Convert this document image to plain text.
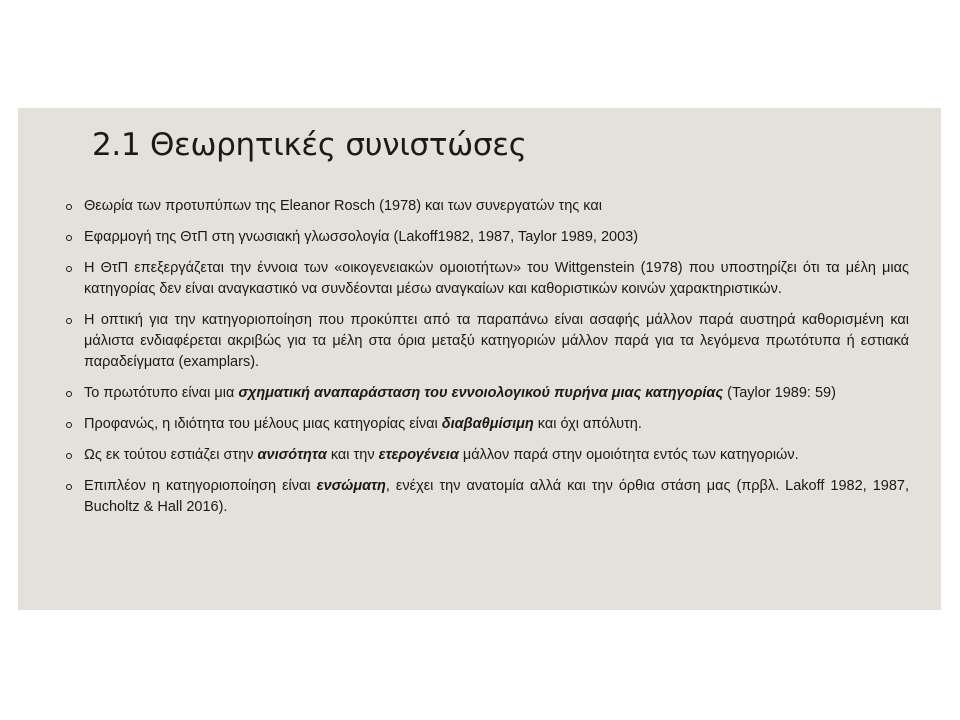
2.1 Θεωρητικές συνιστώσες
Θεωρία των προτυπύπων της Eleanor Rosch (1978) και των συνεργατών της και
Εφαρμογή της ΘτΠ στη γνωσιακή γλωσσολογία (Lakoff1982, 1987, Taylor 1989, 2003)
Η ΘτΠ επεξεργάζεται την έννοια των «οικογενειακών ομοιοτήτων» του Wittgenstein (1978) που υποστηρίζει ότι τα μέλη μιας κατηγορίας δεν είναι αναγκαστικό να συνδέονται μέσω αναγκαίων και καθοριστικών κοινών χαρακτηριστικών.
Η οπτική για την κατηγοριοποίηση που προκύπτει από τα παραπάνω είναι ασαφής μάλλον παρά αυστηρά καθορισμένη και μάλιστα ενδιαφέρεται ακριβώς για τα μέλη στα όρια μεταξύ κατηγοριών μάλλον παρά για τα λεγόμενα πρωτότυπα ή εστιακά παραδείγματα (examplars).
Το πρωτότυπο είναι μια σχηματική αναπαράσταση του εννοιολογικού πυρήνα μιας κατηγορίας (Taylor 1989: 59)
Προφανώς, η ιδιότητα του μέλους μιας κατηγορίας είναι διαβαθμίσιμη και όχι απόλυτη.
Ως εκ τούτου εστιάζει στην ανισότητα και την ετερογένεια μάλλον παρά στην ομοιότητα εντός των κατηγοριών.
Επιπλέον η κατηγοριοποίηση είναι ενσώματη, ενέχει την ανατομία αλλά και την όρθια στάση μας (πρβλ. Lakoff 1982, 1987, Bucholtz & Hall 2016).
